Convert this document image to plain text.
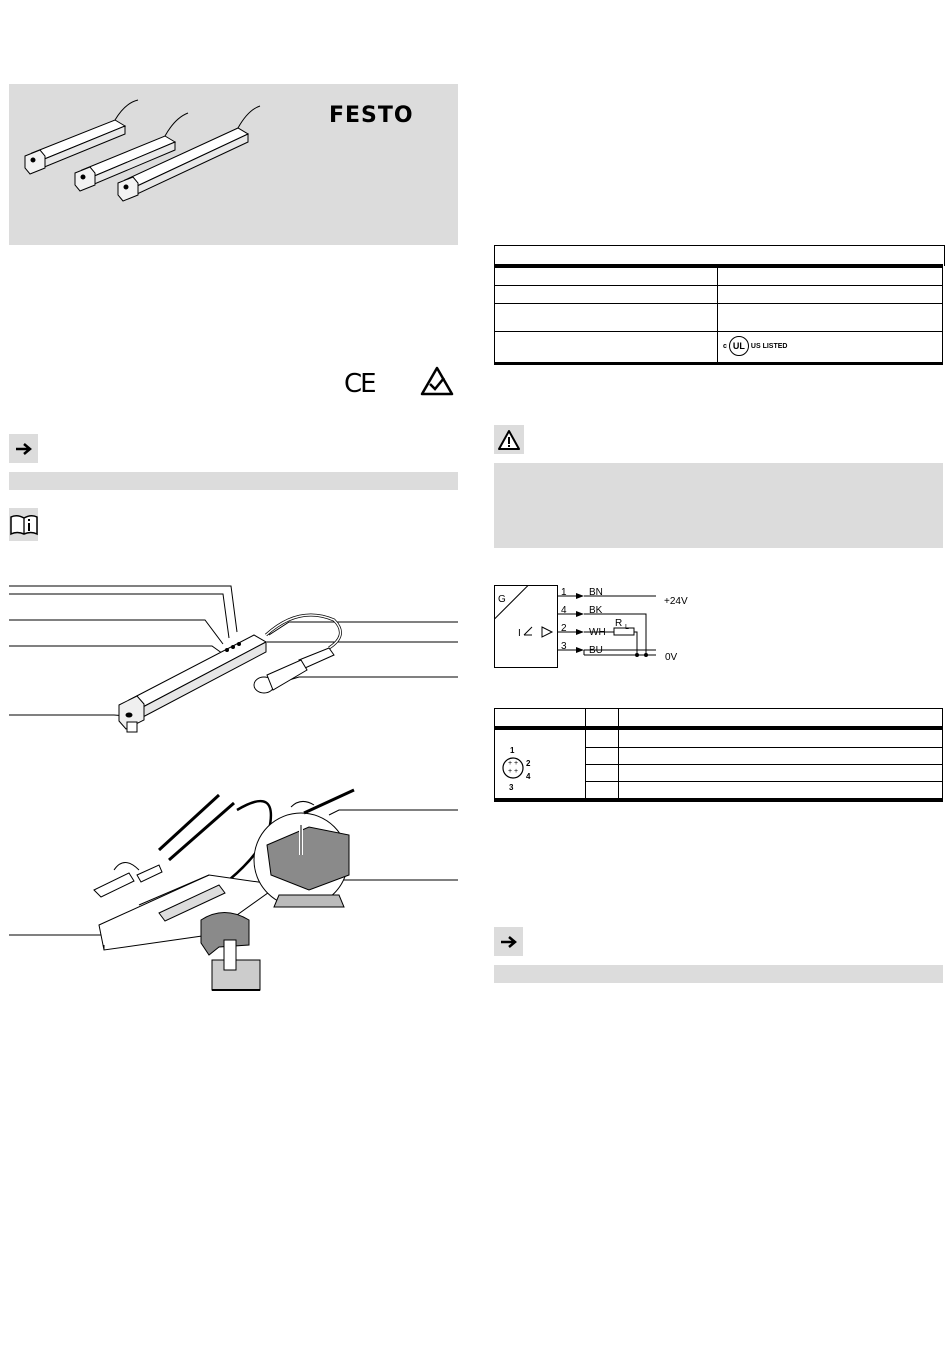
FESTO
CE
c UL US LISTED
G
I
1 BN
4 BK
2 WH
3 BU
R L
+24V
0V
1
2
4
3
+ +
+ +
